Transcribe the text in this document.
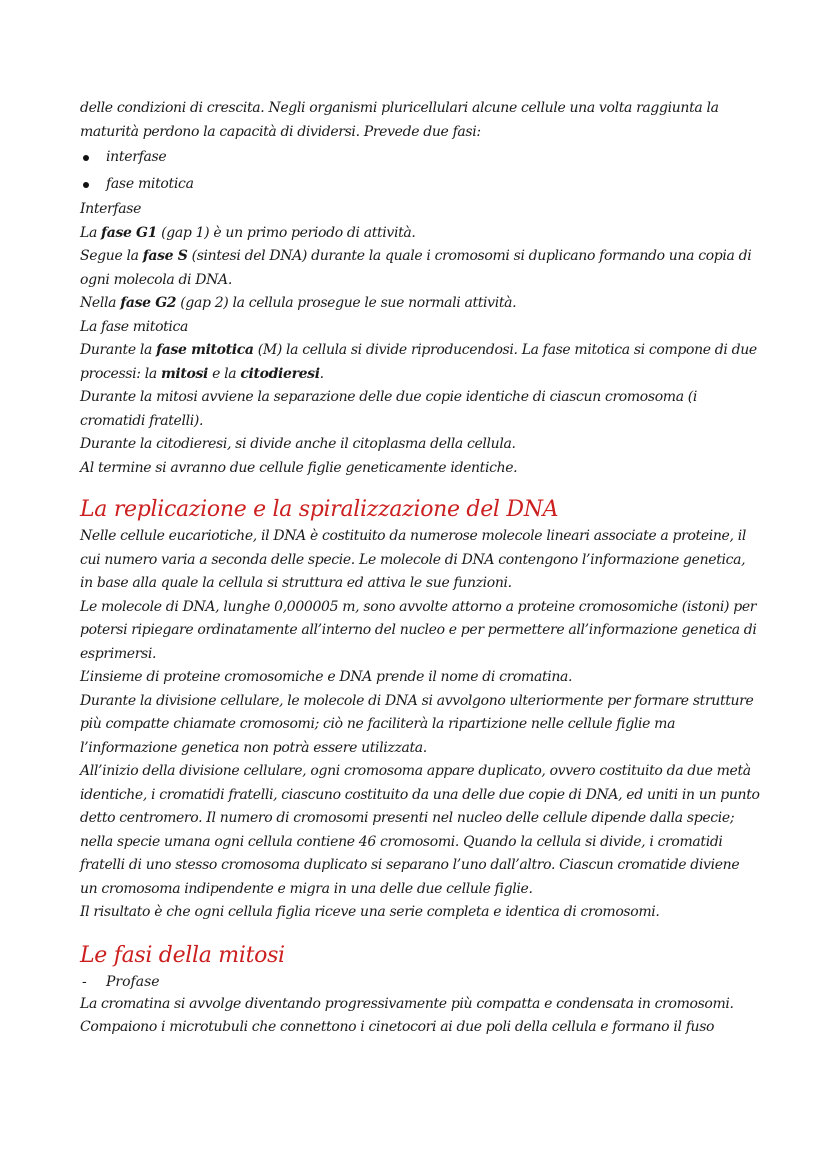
delle condizioni di crescita. Negli organismi pluricellulari alcune cellule una volta raggiunta la maturità perdono la capacità di dividersi. Prevede due fasi:

interfase
fase mitotica

Interfase

La fase G1 (gap 1) è un primo periodo di attività.

Segue la fase S (sintesi del DNA) durante la quale i cromosomi si duplicano formando una copia di ogni molecola di DNA.

Nella fase G2 (gap 2) la cellula prosegue le sue normali attività.

La fase mitotica

Durante la fase mitotica (M) la cellula si divide riproducendosi. La fase mitotica si compone di due processi: la mitosi e la citodieresi.

Durante la mitosi avviene la separazione delle due copie identiche di ciascun cromosoma (i cromatidi fratelli).

Durante la citodieresi, si divide anche il citoplasma della cellula.

Al termine si avranno due cellule figlie geneticamente identiche.

La replicazione e la spiralizzazione del DNA

Nelle cellule eucariotiche, il DNA è costituito da numerose molecole lineari associate a proteine, il cui numero varia a seconda delle specie. Le molecole di DNA contengono l’informazione genetica, in base alla quale la cellula si struttura ed attiva le sue funzioni.

Le molecole di DNA, lunghe 0,000005 m, sono avvolte attorno a proteine cromosomiche (istoni) per potersi ripiegare ordinatamente all’interno del nucleo e per permettere all’informazione genetica di esprimersi.

L’insieme di proteine cromosomiche e DNA prende il nome di cromatina.

Durante la divisione cellulare, le molecole di DNA si avvolgono ulteriormente per formare strutture più compatte chiamate cromosomi; ciò ne faciliterà la ripartizione nelle cellule figlie ma l’informazione genetica non potrà essere utilizzata.

All’inizio della divisione cellulare, ogni cromosoma appare duplicato, ovvero costituito da due metà identiche, i cromatidi fratelli, ciascuno costituito da una delle due copie di DNA, ed uniti in un punto detto centromero. Il numero di cromosomi presenti nel nucleo delle cellule dipende dalla specie; nella specie umana ogni cellula contiene 46 cromosomi. Quando la cellula si divide, i cromatidi fratelli di uno stesso cromosoma duplicato si separano l’uno dall’altro. Ciascun cromatide diviene un cromosoma indipendente e migra in una delle due cellule figlie.

Il risultato è che ogni cellula figlia riceve una serie completa e identica di cromosomi.

Le fasi della mitosi
- Profase

La cromatina si avvolge diventando progressivamente più compatta e condensata in cromosomi. Compaiono i microtubuli che connettono i cinetocori ai due poli della cellula e formano il fuso
